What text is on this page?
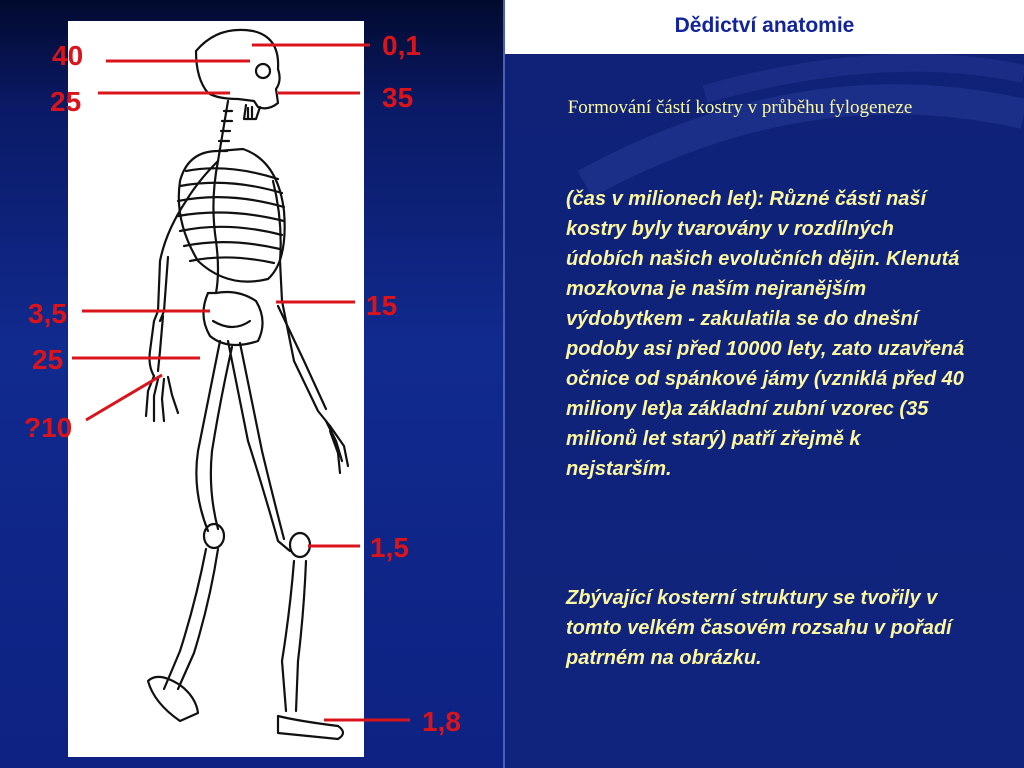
Dědictví anatomie
0,1
40
35
25
15
3,5
25
?10
1,5
1,8
Formování částí kostry v průběhu fylogeneze

(čas v milionech let): Různé části naší kostry byly tvarovány v rozdílných údobích našich evolučních dějin. Klenutá mozkovna je naším nejranějším výdobytkem - zakulatila se do dnešní podoby asi před 10000 lety, zato uzavřená očnice od spánkové jámy (vzniklá před 40 miliony let)a základní zubní vzorec (35 milionů let starý) patří zřejmě k nejstarším.

Zbývající kosterní struktury se tvořily v tomto velkém časovém rozsahu v pořadí patrném na obrázku.
